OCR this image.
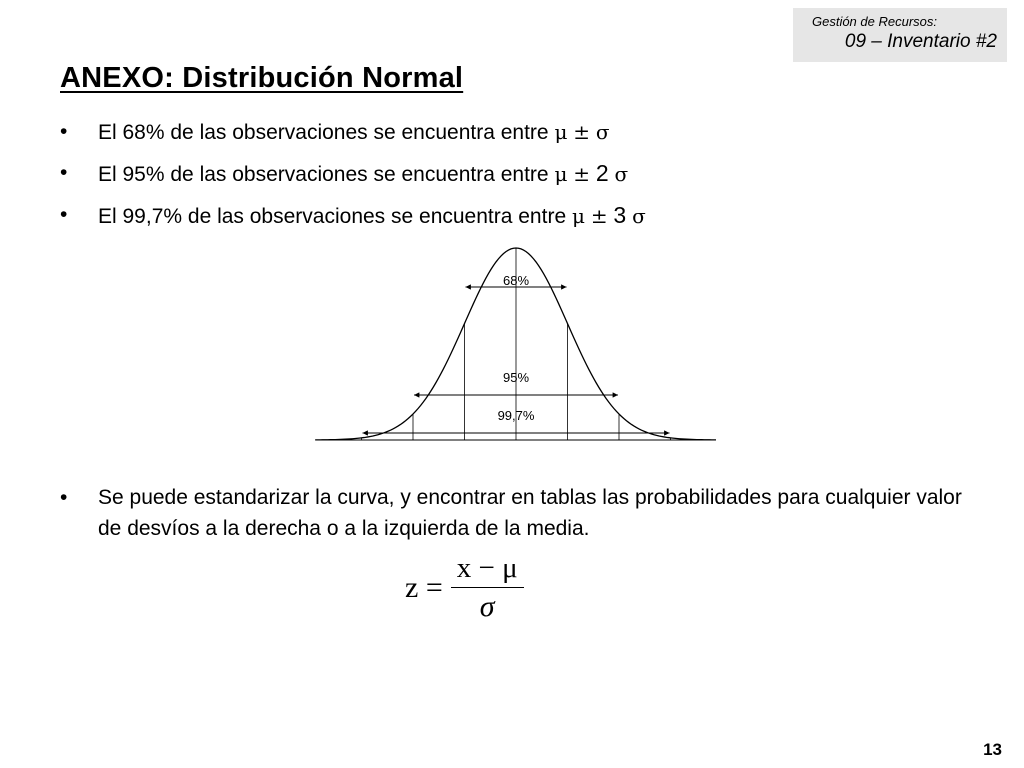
Gestión de Recursos:
09 – Inventario #2
ANEXO: Distribución Normal
• El 68% de las observaciones se encuentra entre μ ± σ
• El 95% de las observaciones se encuentra entre μ ± 2 σ
• El 99,7% de las observaciones se encuentra entre μ ± 3 σ
68%
95%
99,7%
• Se puede estandarizar la curva, y encontrar en tablas las probabilidades para cualquier valor de desvíos a la derecha o a la izquierda de la media.
$z = \frac{x - \mu}{\sigma}$
13
